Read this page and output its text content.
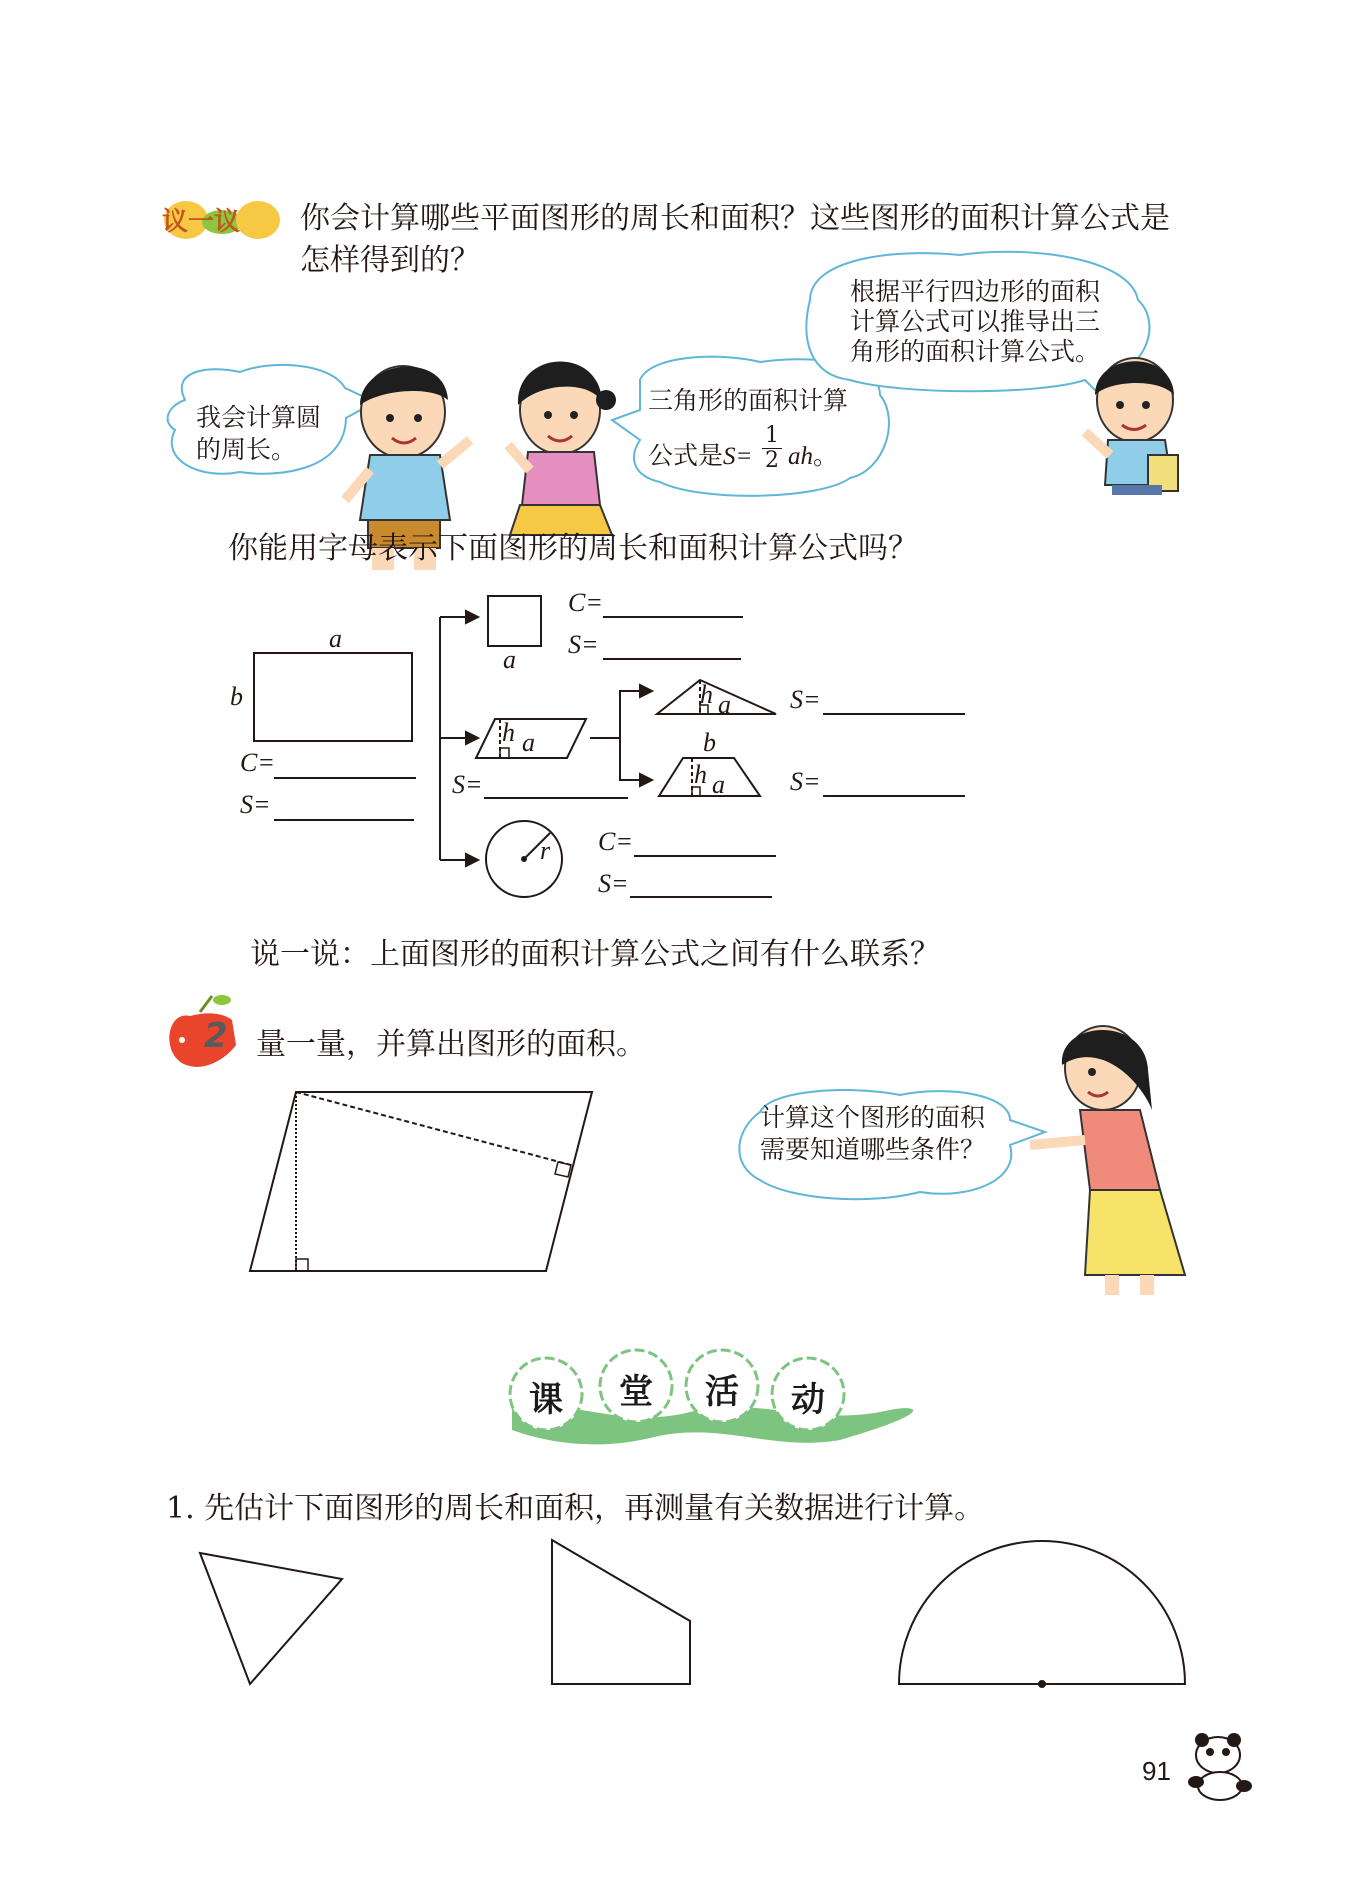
议一议	你会计算哪些平面图形的周长和面积？这些图形的面积计算公式是
怎样得到的？
我会计算圆
的周长。
三角形的面积计算
公式是$S= \frac{1}{2}$ ah。
根据平行四边形的面积
计算公式可以推导出三
角形的面积计算公式。
你能用字母表示下面图形的周长和面积计算公式吗？
a
b
C=
S=
a
C=
S=
h a
S=
h a S=
b
h a	S=
r C=
S=
说一说：上面图形的面积计算公式之间有什么联系？
2 量一量，并算出图形的面积。
计算这个图形的面积
需要知道哪些条件？
课 堂 活 动
1. 先估计下面图形的周长和面积，再测量有关数据进行计算。
91
